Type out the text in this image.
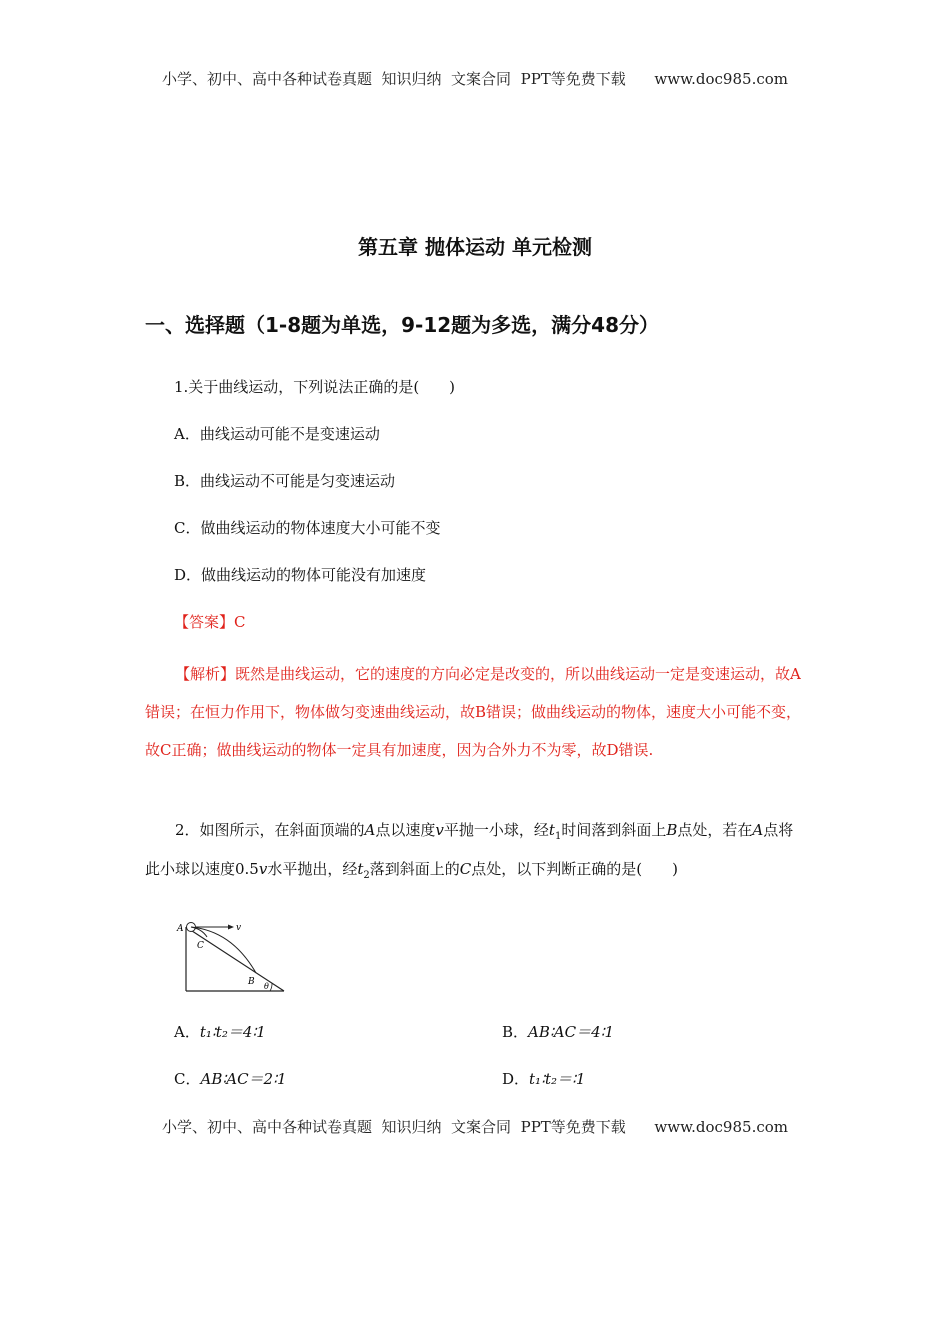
小学、初中、高中各种试卷真题  知识归纳  文案合同  PPT等免费下载      www.doc985.com
第五章 抛体运动 单元检测
一、选择题（1-8题为单选，9-12题为多选，满分48分）
1.关于曲线运动，下列说法正确的是(　　)
A．曲线运动可能不是变速运动
B．曲线运动不可能是匀变速运动
C．做曲线运动的物体速度大小可能不变
D．做曲线运动的物体可能没有加速度
【答案】C
【解析】既然是曲线运动，它的速度的方向必定是改变的，所以曲线运动一定是变速运动，故A错误；在恒力作用下，物体做匀变速曲线运动，故B错误；做曲线运动的物体，速度大小可能不变，故C正确；做曲线运动的物体一定具有加速度，因为合外力不为零，故D错误.
2．如图所示，在斜面顶端的A点以速度v平抛一小球，经$t_1$时间落到斜面上B点处，若在A点将此小球以速度0.5v水平抛出，经$t_2$落到斜面上的C点处，以下判断正确的是(　　)
A	v
C
B θ
A．t₁∶t₂＝4∶1	B．AB∶AC＝4∶1
C．AB∶AC＝2∶1	D．t₁∶t₂＝∶1
小学、初中、高中各种试卷真题  知识归纳  文案合同  PPT等免费下载      www.doc985.com
